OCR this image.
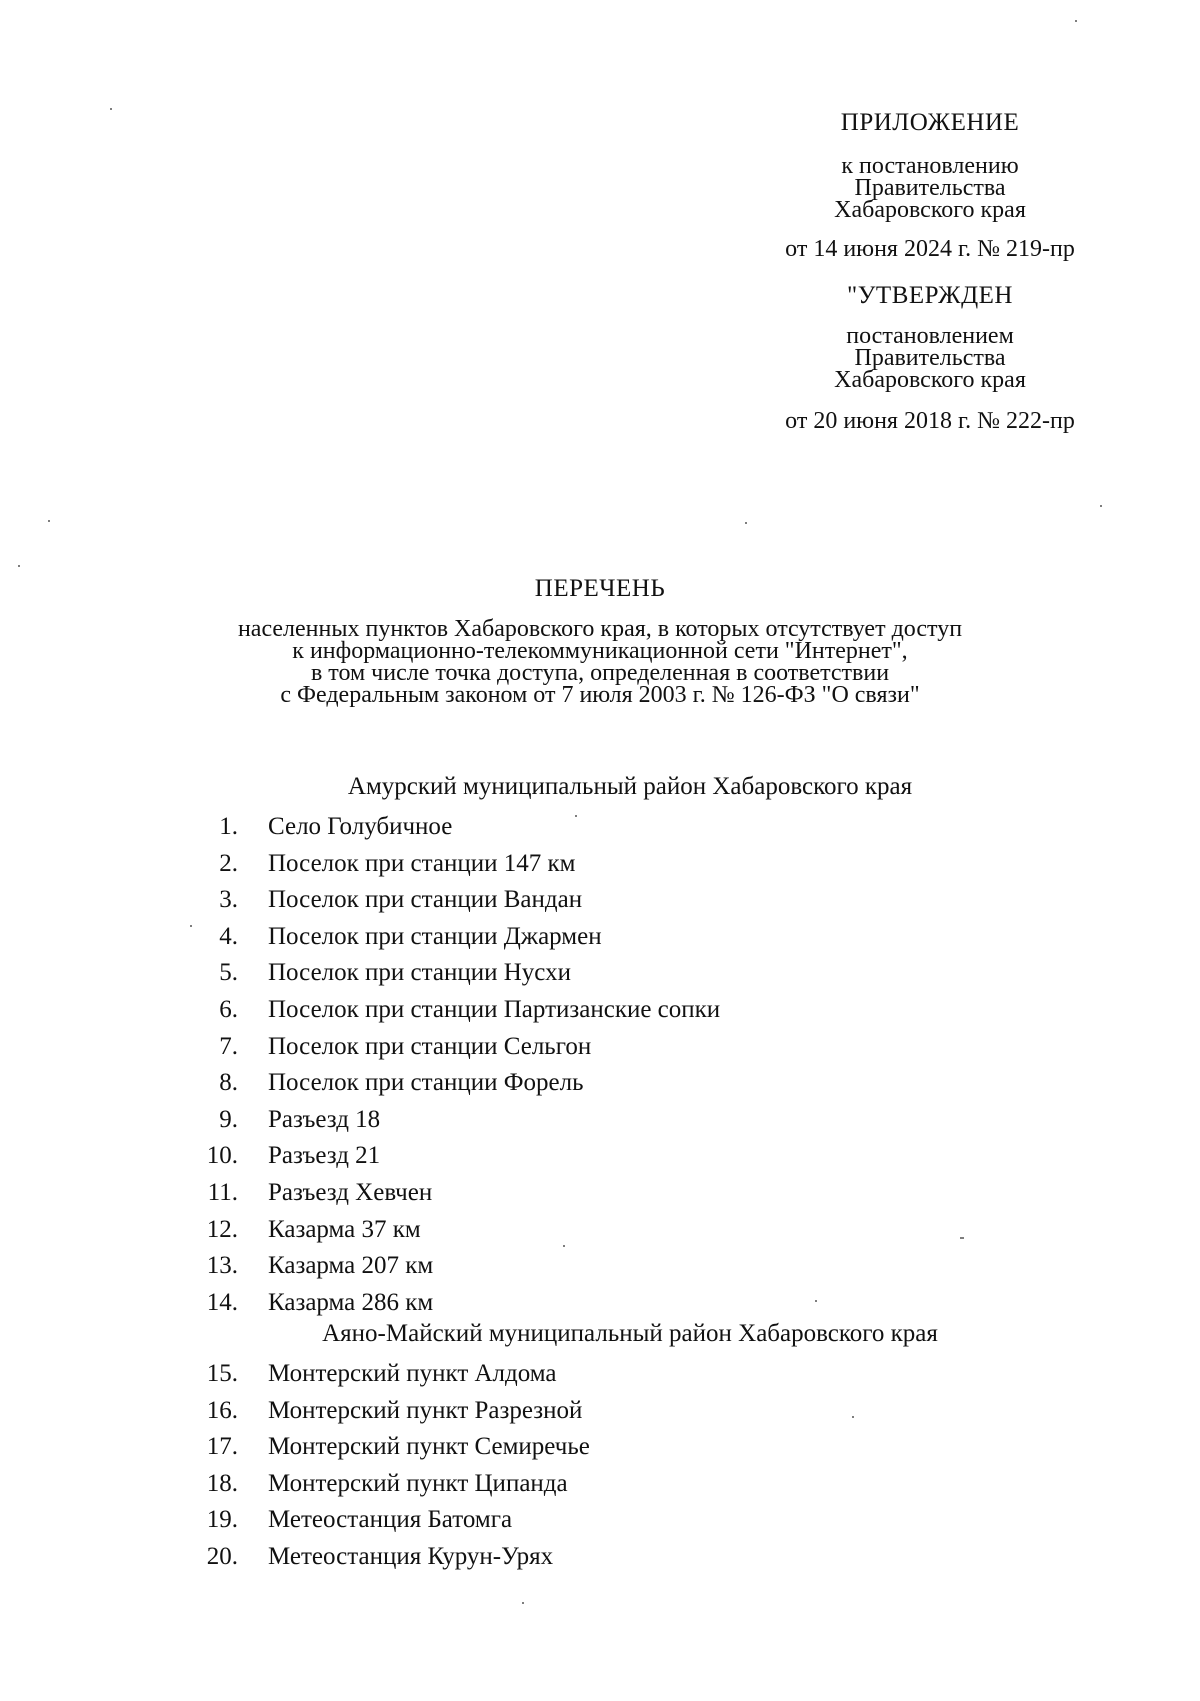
ПРИЛОЖЕНИЕ
к постановлению
Правительства
Хабаровского края
от 14 июня 2024 г. № 219-пр
"УТВЕРЖДЕН
постановлением
Правительства
Хабаровского края
от 20 июня 2018 г. № 222-пр
ПЕРЕЧЕНЬ
населенных пунктов Хабаровского края, в которых отсутствует доступ
к информационно-телекоммуникационной сети "Интернет",
в том числе точка доступа, определенная в соответствии
с Федеральным законом от 7 июля 2003 г. № 126-ФЗ "О связи"
Амурский муниципальный район Хабаровского края
1. Село Голубичное
2. Поселок при станции 147 км
3. Поселок при станции Вандан
4. Поселок при станции Джармен
5. Поселок при станции Нусхи
6. Поселок при станции Партизанские сопки
7. Поселок при станции Сельгон
8. Поселок при станции Форель
9. Разъезд 18
10. Разъезд 21
11. Разъезд Хевчен
12. Казарма 37 км
13. Казарма 207 км
14. Казарма 286 км
Аяно-Майский муниципальный район Хабаровского края
15. Монтерский пункт Алдома
16. Монтерский пункт Разрезной
17. Монтерский пункт Семиречье
18. Монтерский пункт Ципанда
19. Метеостанция Батомга
20. Метеостанция Курун-Урях
